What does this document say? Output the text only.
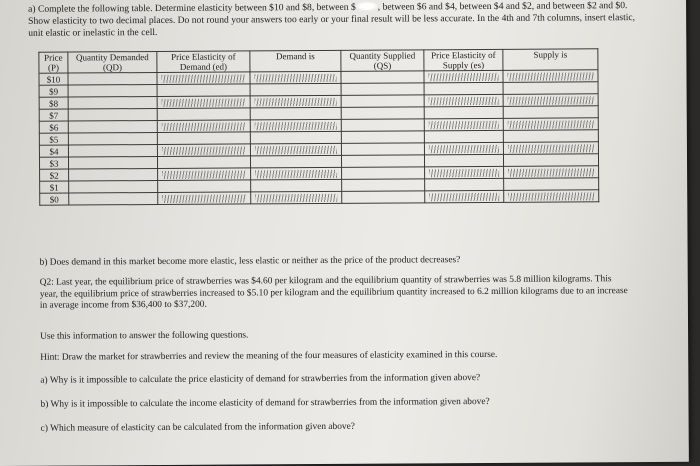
a) Complete the following table. Determine elasticity between $10 and $8, between $ , between $6 and $4, between $4 and $2, and between $2 and $0. Show elasticity to two decimal places. Do not round your answers too early or your final result will be less accurate. In the 4th and 7th columns, insert elastic, unit elastic or inelastic in the cell.
Price (P)	Quantity Demanded (QD)	Price Elasticity of Demand (ed)	Demand is	Quantity Supplied (QS)	Price Elasticity of Supply (es)	Supply is
$10		

$9						
$8		

$7						
$6		

$5						
$4		

$3						
$2		

$1						
$0		

b) Does demand in this market become more elastic, less elastic or neither as the price of the product decreases?

Q2: Last year, the equilibrium price of strawberries was $4.60 per kilogram and the equilibrium quantity of strawberries was 5.8 million kilograms. This year, the equilibrium price of strawberries increased to $5.10 per kilogram and the equilibrium quantity increased to 6.2 million kilograms due to an increase in average income from $36,400 to $37,200.

Use this information to answer the following questions.

Hint: Draw the market for strawberries and review the meaning of the four measures of elasticity examined in this course.

a) Why is it impossible to calculate the price elasticity of demand for strawberries from the information given above?

b) Why is it impossible to calculate the income elasticity of demand for strawberries from the information given above?

c) Which measure of elasticity can be calculated from the information given above?
